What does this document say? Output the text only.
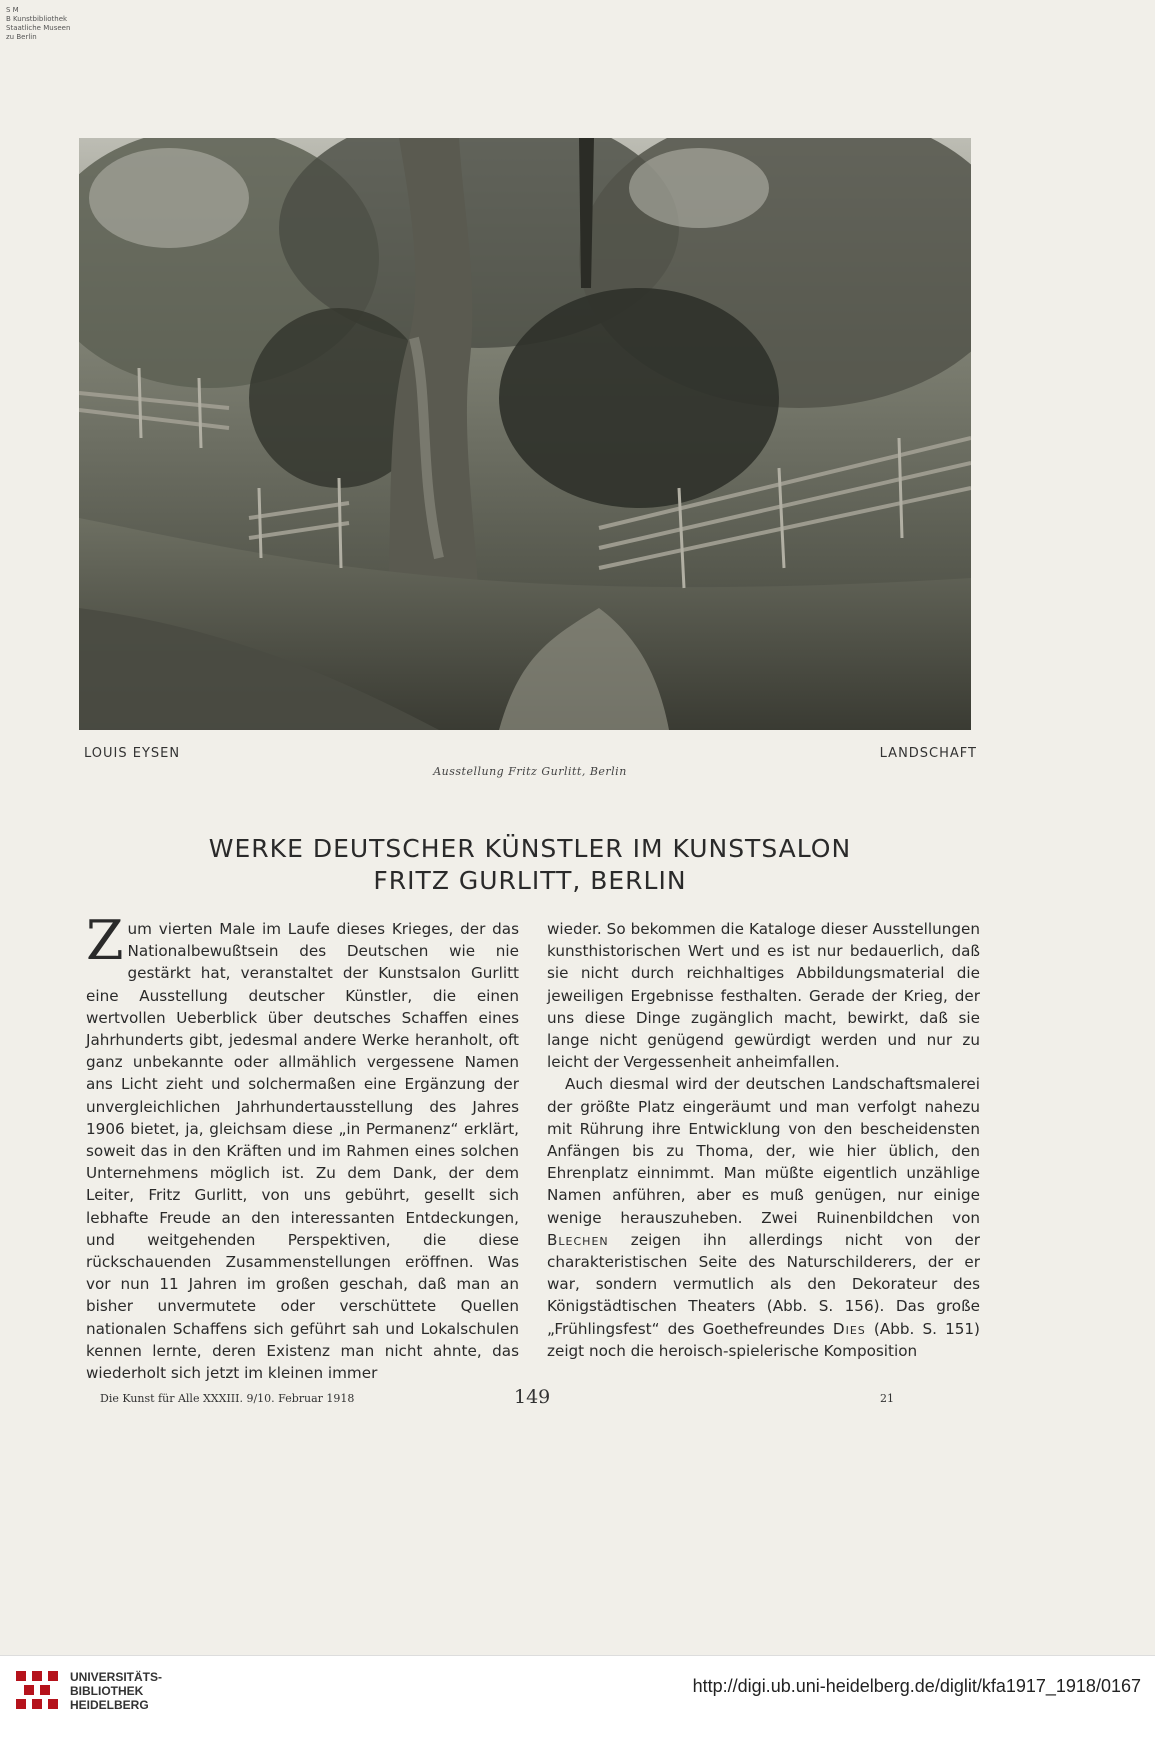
S M
B Kunstbibliothek
Staatliche Museen
zu Berlin
LOUIS EYSEN	LANDSCHAFT
Ausstellung Fritz Gurlitt, Berlin
WERKE DEUTSCHER KÜNSTLER IM KUNSTSALON
FRITZ GURLITT, BERLIN

Zum vierten Male im Laufe dieses Krieges, der das Nationalbewußtsein des Deutschen wie nie gestärkt hat, veranstaltet der Kunstsalon Gurlitt eine Ausstellung deutscher Künstler, die einen wertvollen Ueberblick über deutsches Schaffen eines Jahrhunderts gibt, jedesmal andere Werke heranholt, oft ganz unbekannte oder allmählich vergessene Namen ans Licht zieht und solchermaßen eine Ergänzung der unvergleichlichen Jahrhundertausstellung des Jahres 1906 bietet, ja, gleichsam diese „in Permanenz“ erklärt, soweit das in den Kräften und im Rahmen eines solchen Unternehmens möglich ist. Zu dem Dank, der dem Leiter, Fritz Gurlitt, von uns gebührt, gesellt sich lebhafte Freude an den interessanten Entdeckungen, und weitgehenden Perspektiven, die diese rückschauenden Zusammenstellungen eröffnen. Was vor nun 11 Jahren im großen geschah, daß man an bisher unvermutete oder verschüttete Quellen nationalen Schaffens sich geführt sah und Lokalschulen kennen lernte, deren Existenz man nicht ahnte, das wiederholt sich jetzt im kleinen immer

wieder. So bekommen die Kataloge dieser Ausstellungen kunsthistorischen Wert und es ist nur bedauerlich, daß sie nicht durch reichhaltiges Abbildungsmaterial die jeweiligen Ergebnisse festhalten. Gerade der Krieg, der uns diese Dinge zugänglich macht, bewirkt, daß sie lange nicht genügend gewürdigt werden und nur zu leicht der Vergessenheit anheimfallen.

Auch diesmal wird der deutschen Landschaftsmalerei der größte Platz eingeräumt und man verfolgt nahezu mit Rührung ihre Entwicklung von den bescheidensten Anfängen bis zu Thoma, der, wie hier üblich, den Ehrenplatz einnimmt. Man müßte eigentlich unzählige Namen anführen, aber es muß genügen, nur einige wenige herauszuheben. Zwei Ruinenbildchen von Blechen zeigen ihn allerdings nicht von der charakteristischen Seite des Naturschilderers, der er war, sondern vermutlich als den Dekorateur des Königstädtischen Theaters (Abb. S. 156). Das große „Frühlingsfest“ des Goethefreundes Dies (Abb. S. 151) zeigt noch die heroisch-spielerische Komposition

Die Kunst für Alle XXXIII. 9/10. Februar 1918	149	21
UNIVERSITÄTS-
BIBLIOTHEK
HEIDELBERG
http://digi.ub.uni-heidelberg.de/diglit/kfa1917_1918/0167
